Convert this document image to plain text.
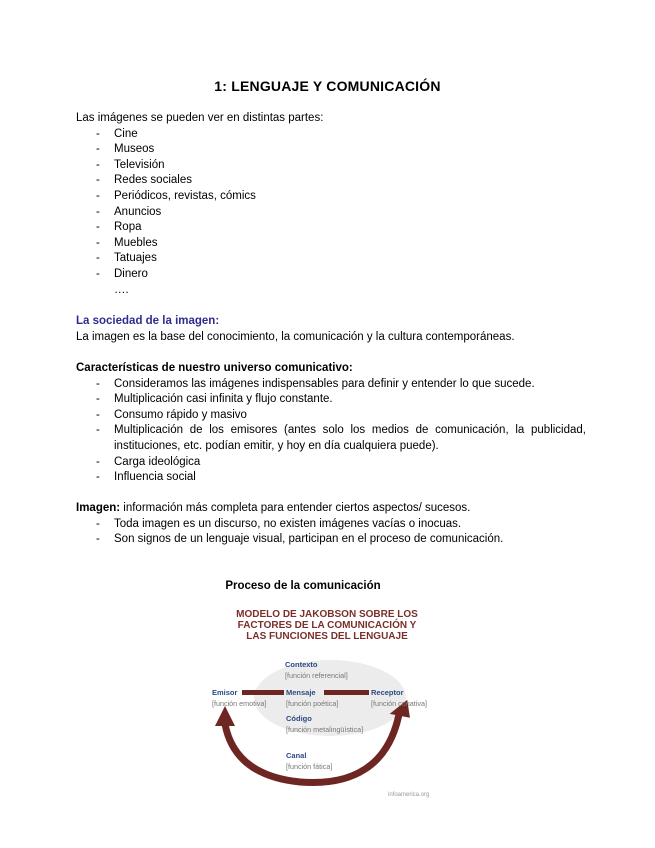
1: LENGUAJE Y COMUNICACIÓN
Las imágenes se pueden ver en distintas partes:
- Cine
- Museos
- Televisión
- Redes sociales
- Periódicos, revistas, cómics
- Anuncios
- Ropa
- Muebles
- Tatuajes
- Dinero
….
La sociedad de la imagen:
La imagen es la base del conocimiento, la comunicación y la cultura contemporáneas.
Características de nuestro universo comunicativo:
- Consideramos las imágenes indispensables para definir y entender lo que sucede.
- Multiplicación casi infinita y flujo constante.
- Consumo rápido y masivo
- Multiplicación de los emisores (antes solo los medios de comunicación, la publicidad, instituciones, etc. podían emitir, y hoy en día cualquiera puede).
- Carga ideológica
- Influencia social
Imagen: información más completa para entender ciertos aspectos/ sucesos.
- Toda imagen es un discurso, no existen imágenes vacías o inocuas.
- Son signos de un lenguaje visual, participan en el proceso de comunicación.
Proceso de la comunicación
MODELO DE JAKOBSON SOBRE LOS
FACTORES DE LA COMUNICACIÓN Y
LAS FUNCIONES DEL LENGUAJE
Contexto
[función referencial]
Emisor
[función emotiva]
Mensaje
[función poética]
Receptor
[función conativa]
Código
[función metalingüística]
Canal
[función fática]
infoamerica.org
